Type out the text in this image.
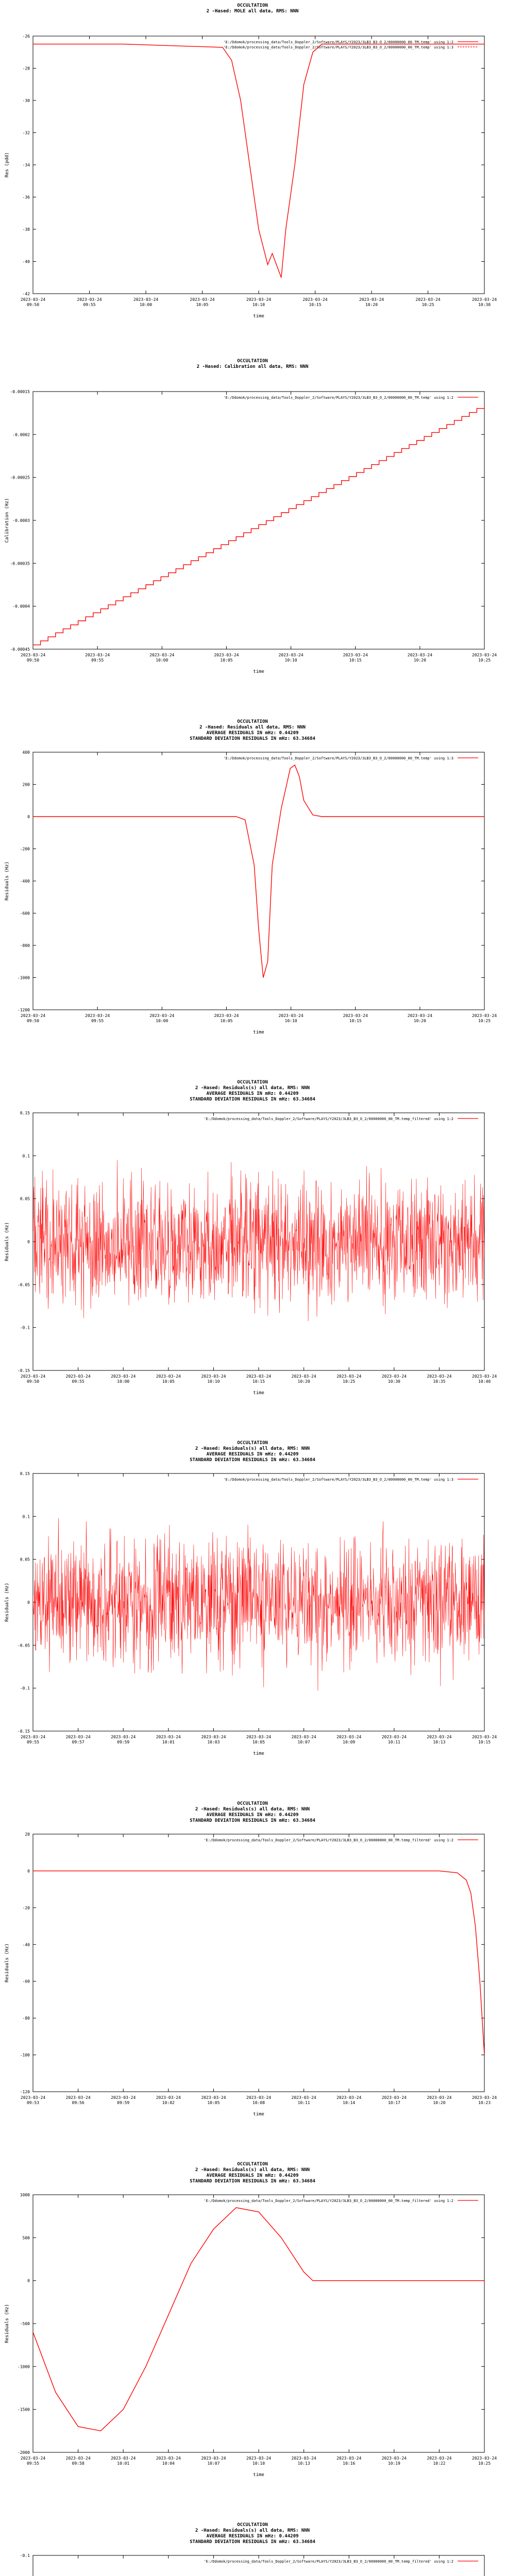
OCCULTATION
2 -Hased: MOLE all data, RMS: NNN
-26
-28
-30
-32
-34
-36
-38
-40
-42
2023-03-24
09:50
2023-03-24
09:55
2023-03-24
10:00
2023-03-24
10:05
2023-03-24
10:10
2023-03-24
10:15
2023-03-24
10:20
2023-03-24
10:25
2023-03-24
10:30
time
Res (pdd)
'E:/Ddomok/processing_data/Tools_Doppler_2/Software/PLAYS/Y2023/3LB3_B3_O_2/00000000_00_TM.temp' using 1:2
'E:/Ddomok/processing_data/Tools_Doppler_2/Software/PLAYS/Y2023/3LB3_B3_O_2/00000000_00_TM.temp' using 1:3
OCCULTATION
2 -Hased: Calibration all data, RMS: NNN
-0.00015
-0.0002
-0.00025
-0.0003
-0.00035
-0.0004
-0.00045
2023-03-24
09:50
2023-03-24
09:55
2023-03-24
10:00
2023-03-24
10:05
2023-03-24
10:10
2023-03-24
10:15
2023-03-24
10:20
2023-03-24
10:25
time
Calibration (Hz)
'E:/Ddomok/processing_data/Tools_Doppler_2/Software/PLAYS/Y2023/3LB3_B3_O_2/00000000_00_TM.temp' using 1:2
OCCULTATION
2 -Hased: Residuals all data, RMS: NNN
AVERAGE RESIDUALS IN mHz: 0.44209
STANDARD DEVIATION RESIDUALS IN mHz: 63.34684
400
200
0
-200
-400
-600
-800
-1000
-1200
2023-03-24
09:50
2023-03-24
09:55
2023-03-24
10:00
2023-03-24
10:05
2023-03-24
10:10
2023-03-24
10:15
2023-03-24
10:20
2023-03-24
10:25
time
Residuals (Hz)
'E:/Ddomok/processing_data/Tools_Doppler_2/Software/PLAYS/Y2023/3LB3_B3_O_2/00000000_00_TM.temp' using 1:3
OCCULTATION
2 -Hased: Residuals(s) all data, RMS: NNN
AVERAGE RESIDUALS IN mHz: 0.44209
STANDARD DEVIATION RESIDUALS IN mHz: 63.34684
0.15
0.1
0.05
0
-0.05
-0.1
-0.15
2023-03-24
09:50
2023-03-24
09:55
2023-03-24
10:00
2023-03-24
10:05
2023-03-24
10:10
2023-03-24
10:15
2023-03-24
10:20
2023-03-24
10:25
2023-03-24
10:30
2023-03-24
10:35
2023-03-24
10:40
time
Residuals (Hz)
'E:/Ddomok/processing_data/Tools_Doppler_2/Software/PLAYS/Y2023/3LB3_B3_O_2/00000000_00_TM.temp_filtered' using 1:2
OCCULTATION
2 -Hased: Residuals(s) all data, RMS: NNN
AVERAGE RESIDUALS IN mHz: 0.44209
STANDARD DEVIATION RESIDUALS IN mHz: 63.34684
0.15
0.1
0.05
0
-0.05
-0.1
-0.15
2023-03-24
09:55
2023-03-24
09:57
2023-03-24
09:59
2023-03-24
10:01
2023-03-24
10:03
2023-03-24
10:05
2023-03-24
10:07
2023-03-24
10:09
2023-03-24
10:11
2023-03-24
10:13
2023-03-24
10:15
time
Residuals (Hz)
'E:/Ddomok/processing_data/Tools_Doppler_2/Software/PLAYS/Y2023/3LB3_B3_O_2/00000000_00_TM.temp' using 1:3
OCCULTATION
2 -Hased: Residuals(s) all data, RMS: NNN
AVERAGE RESIDUALS IN mHz: 0.44209
STANDARD DEVIATION RESIDUALS IN mHz: 63.34684
20
0
-20
-40
-60
-80
-100
-120
2023-03-24
09:53
2023-03-24
09:56
2023-03-24
09:59
2023-03-24
10:02
2023-03-24
10:05
2023-03-24
10:08
2023-03-24
10:11
2023-03-24
10:14
2023-03-24
10:17
2023-03-24
10:20
2023-03-24
10:23
time
Residuals (Hz)
'E:/Ddomok/processing_data/Tools_Doppler_2/Software/PLAYS/Y2023/3LB3_B3_O_2/00000000_00_TM.temp_filtered' using 1:2
OCCULTATION
2 -Hased: Residuals(s) all data, RMS: NNN
AVERAGE RESIDUALS IN mHz: 0.44209
STANDARD DEVIATION RESIDUALS IN mHz: 63.34684
1000
500
0
-500
-1000
-1500
-2000
2023-03-24
09:55
2023-03-24
09:58
2023-03-24
10:01
2023-03-24
10:04
2023-03-24
10:07
2023-03-24
10:10
2023-03-24
10:13
2023-03-24
10:16
2023-03-24
10:19
2023-03-24
10:22
2023-03-24
10:25
time
Residuals (Hz)
'E:/Ddomok/processing_data/Tools_Doppler_2/Software/PLAYS/Y2023/3LB3_B3_O_2/00000000_00_TM.temp_filtered' using 1:2
OCCULTATION
2 -Hased: Residuals(s) all data, RMS: NNN
AVERAGE RESIDUALS IN mHz: 0.44209
STANDARD DEVIATION RESIDUALS IN mHz: 63.34684
-0.1
'E:/Ddomok/processing_data/Tools_Doppler_2/Software/PLAYS/Y2023/3LB3_B3_O_2/00000000_00_TM.temp_filtered' using 1:2
